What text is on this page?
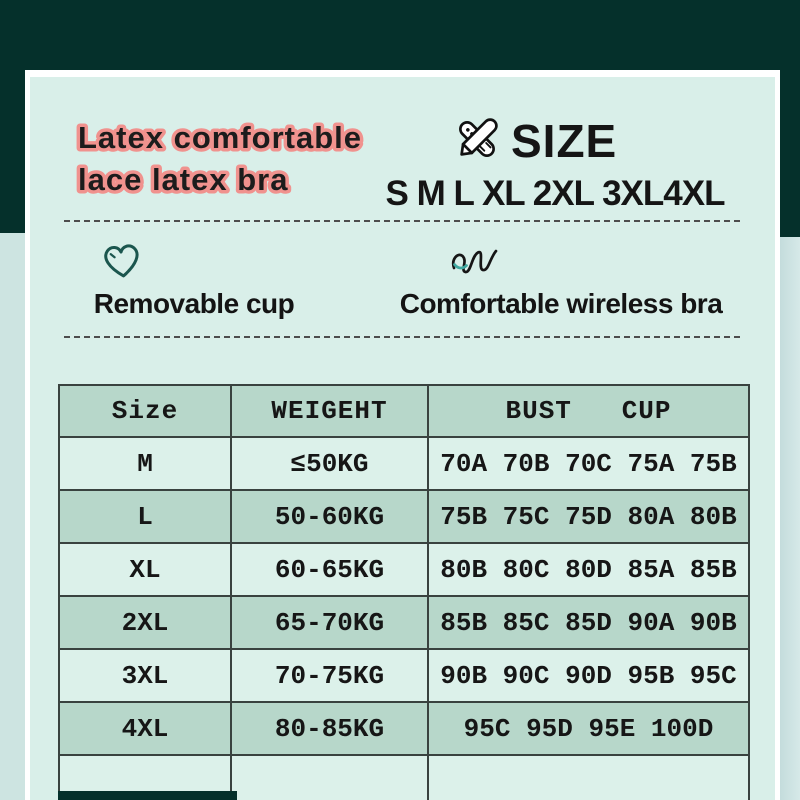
Latex comfortable
lace latex bra
SIZE
S M L XL 2XL 3XL4XL
Removable cup	Comfortable wireless bra
Size	WEIGEHT	BUST   CUP
M	≤50KG	70A 70B 70C 75A 75B
L	50-60KG	75B 75C 75D 80A 80B
XL	60-65KG	80B 80C 80D 85A 85B
2XL	65-70KG	85B 85C 85D 90A 90B
3XL	70-75KG	90B 90C 90D 95B 95C
4XL	80-85KG	95C 95D 95E 100D
